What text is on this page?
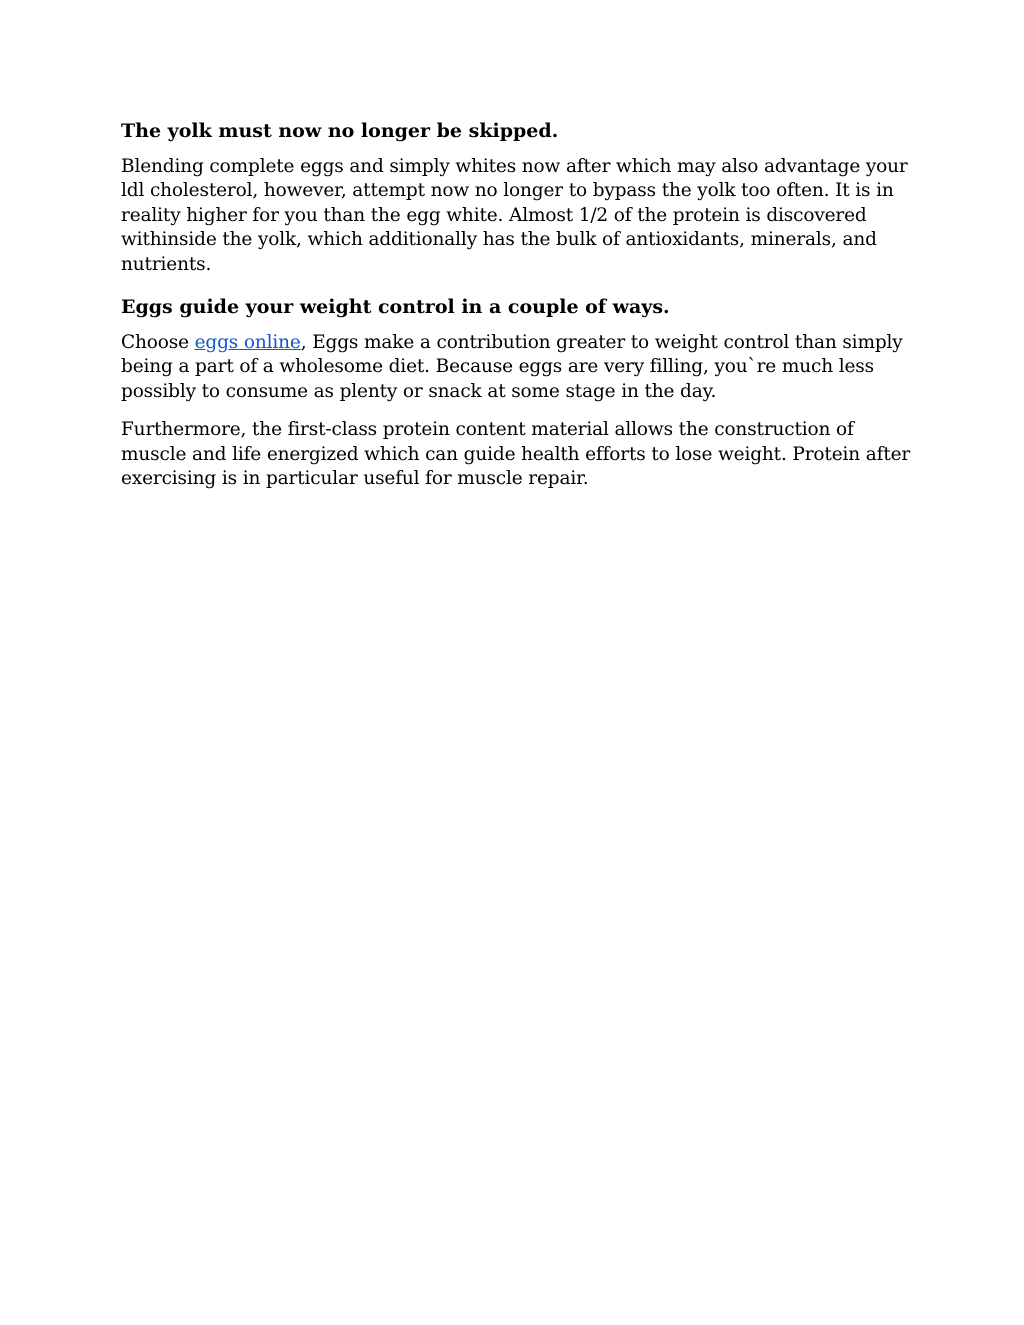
The yolk must now no longer be skipped.

Blending complete eggs and simply whites now after which may also advantage your ldl cholesterol, however, attempt now no longer to bypass the yolk too often. It is in reality higher for you than the egg white. Almost 1/2 of the protein is discovered withinside the yolk, which additionally has the bulk of antioxidants, minerals, and nutrients.

Eggs guide your weight control in a couple of ways.

Choose eggs online, Eggs make a contribution greater to weight control than simply being a part of a wholesome diet. Because eggs are very filling, you`re much less possibly to consume as plenty or snack at some stage in the day.

Furthermore, the first-class protein content material allows the construction of muscle and life energized which can guide health efforts to lose weight. Protein after exercising is in particular useful for muscle repair.
